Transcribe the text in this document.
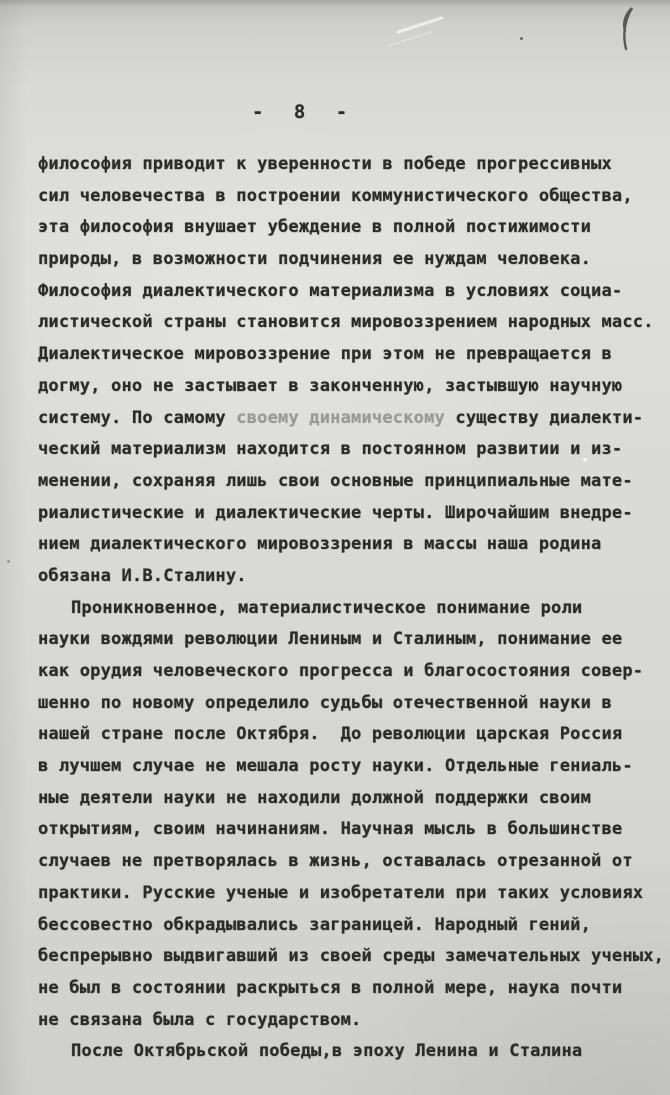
- 8 -
философия приводит к уверенности в победе прогрессивных
сил человечества в построении коммунистического общества,
эта философия внушает убеждение в полной постижимости
природы, в возможности подчинения ее нуждам человека.
Философия диалектического материализма в условиях социа-
листической страны становится мировоззрением народных масс.
Диалектическое мировоззрение при этом не превращается в
догму, оно не застывает в законченную, застывшую научную
систему. По самому своему динамическому существу диалекти-
ческий материализм находится в постоянном развитии и из-
менении, сохраняя лишь свои основные принципиальные мате-
риалистические и диалектические черты. Широчайшим внедре-
нием диалектического мировоззрения в массы наша родина
обязана И.В.Сталину.
Проникновенное, материалистическое понимание роли
науки вождями революции Лениным и Сталиным, понимание ее
как орудия человеческого прогресса и благосостояния совер-
шенно по новому определило судьбы отечественной науки в
нашей стране после Октября.  До революции царская Россия
в лучшем случае не мешала росту науки. Отдельные гениаль-
ные деятели науки не находили должной поддержки своим
открытиям, своим начинаниям. Научная мысль в большинстве
случаев не претворялась в жизнь, оставалась отрезанной от
практики. Русские ученые и изобретатели при таких условиях
бессовестно обкрадывались заграницей. Народный гений,
беспрерывно выдвигавший из своей среды замечательных ученых,
не был в состоянии раскрыться в полной мере, наука почти
не связана была с государством.
После Октябрьской победы,в эпоху Ленина и Сталина
